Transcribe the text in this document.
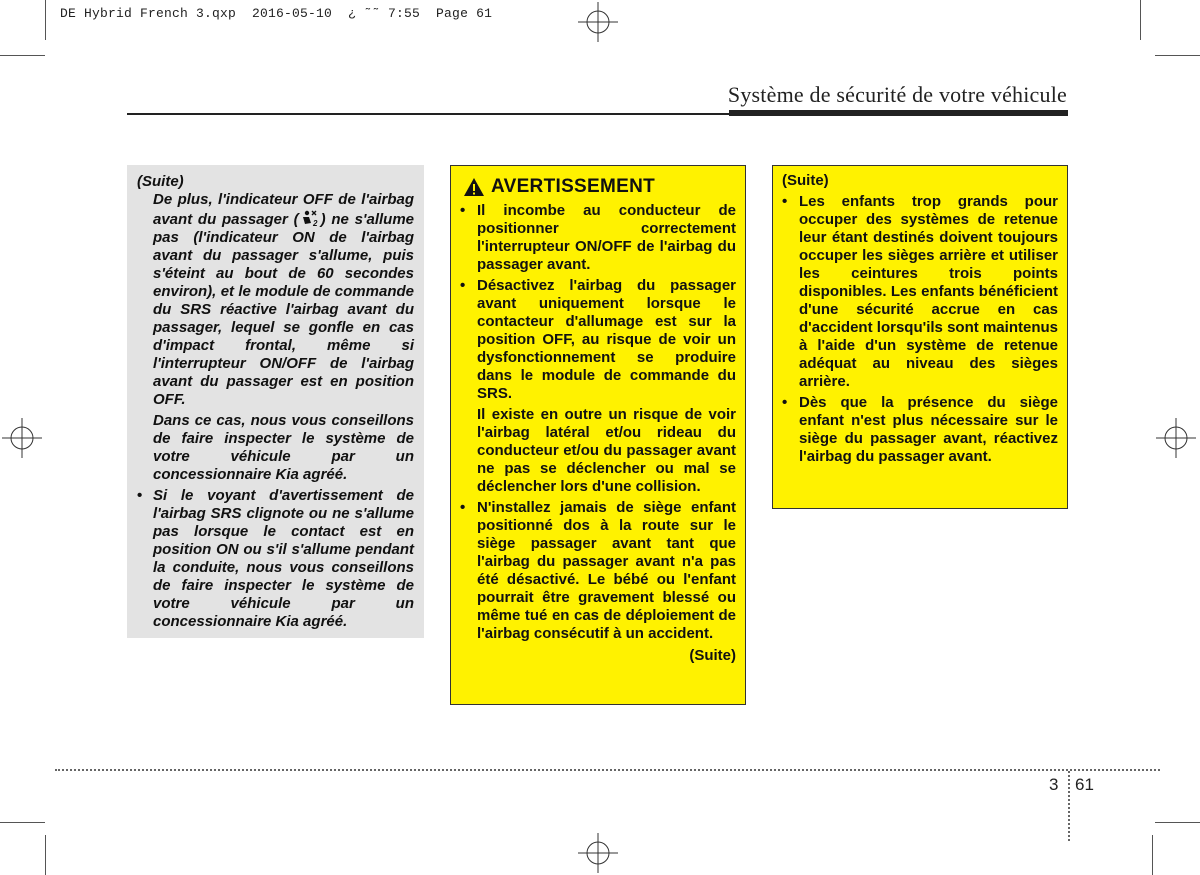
DE Hybrid French 3.qxp  2016-05-10  ¿ ˜˜ 7:55  Page 61
Système de sécurité de votre véhicule
(Suite)

De plus, l'indicateur OFF de l'airbag avant du passager ( 2 ) ne s'allume pas (l'indicateur ON de l'airbag avant du passager s'allume, puis s'éteint au bout de 60 secondes environ), et le module de commande du SRS réactive l'airbag avant du passager, lequel se gonfle en cas d'impact frontal, même si l'interrupteur ON/OFF de l'airbag avant du passager est en position OFF.

Dans ce cas, nous vous conseillons de faire inspecter le système de votre véhicule par un concessionnaire Kia agréé.

• Si le voyant d'avertissement de l'airbag SRS clignote ou ne s'allume pas lorsque le contact est en position ON ou s'il s'allume pendant la conduite, nous vous conseillons de faire inspecter le système de votre véhicule par un concessionnaire Kia agréé.
AVERTISSEMENT
• Il incombe au conducteur de positionner correctement l'interrupteur ON/OFF de l'airbag du passager avant.
• Désactivez l'airbag du passager avant uniquement lorsque le contacteur d'allumage est sur la position OFF, au risque de voir un dysfonctionnement se produire dans le module de commande du SRS.
Il existe en outre un risque de voir l'airbag latéral et/ou rideau du conducteur et/ou du passager avant ne pas se déclencher ou mal se déclencher lors d'une collision.
• N'installez jamais de siège enfant positionné dos à la route sur le siège passager avant tant que l'airbag du passager avant n'a pas été désactivé. Le bébé ou l'enfant pourrait être gravement blessé ou même tué en cas de déploiement de l'airbag consécutif à un accident.
(Suite)
(Suite)
• Les enfants trop grands pour occuper des systèmes de retenue leur étant destinés doivent toujours occuper les sièges arrière et utiliser les ceintures trois points disponibles. Les enfants bénéficient d'une sécurité accrue en cas d'accident lorsqu'ils sont maintenus à l'aide d'un système de retenue adéquat au niveau des sièges arrière.
• Dès que la présence du siège enfant n'est plus nécessaire sur le siège du passager avant, réactivez l'airbag du passager avant.
3 61
